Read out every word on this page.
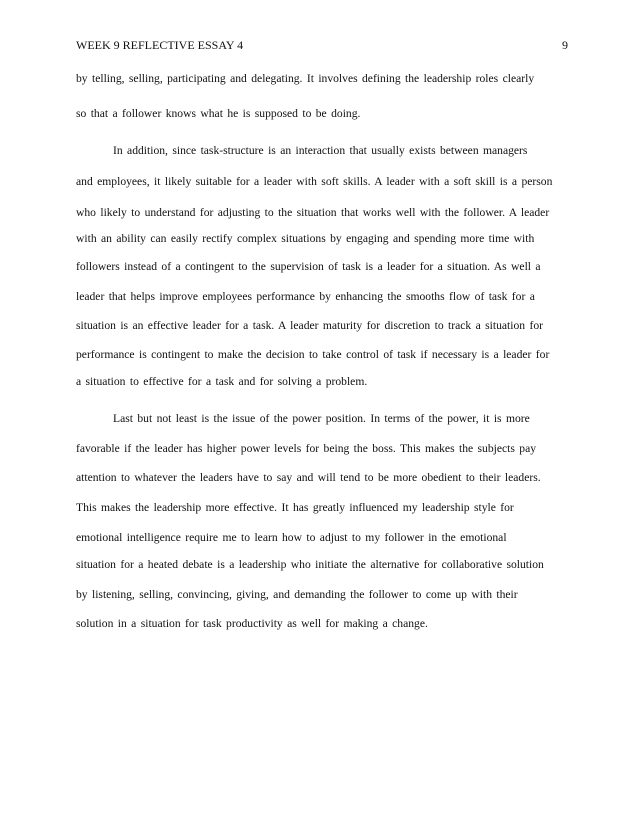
WEEK 9 REFLECTIVE ESSAY 4	9
by telling, selling, participating and delegating. It involves defining the leadership roles clearly
so that a follower knows what he is supposed to be doing.
In addition, since task-structure is an interaction that usually exists between managers
and employees, it likely suitable for a leader with soft skills. A leader with a soft skill is a person
who likely to understand for adjusting to the situation that works well with the follower. A leader
with an ability can easily rectify complex situations by engaging and spending more time with
followers instead of a contingent to the supervision of task is a leader for a situation. As well a
leader that helps improve employees performance by enhancing the smooths flow of task for a
situation is an effective leader for a task. A leader maturity for discretion to track a situation for
performance is contingent to make the decision to take control of task if necessary is a leader for
a situation to effective for a task and for solving a problem.
Last but not least is the issue of the power position. In terms of the power, it is more
favorable if the leader has higher power levels for being the boss. This makes the subjects pay
attention to whatever the leaders have to say and will tend to be more obedient to their leaders.
This makes the leadership more effective. It has greatly influenced my leadership style for
emotional intelligence require me to learn how to adjust to my follower in the emotional
situation for a heated debate is a leadership who initiate the alternative for collaborative solution
by listening, selling, convincing, giving, and demanding the follower to come up with their
solution in a situation for task productivity as well for making a change.
